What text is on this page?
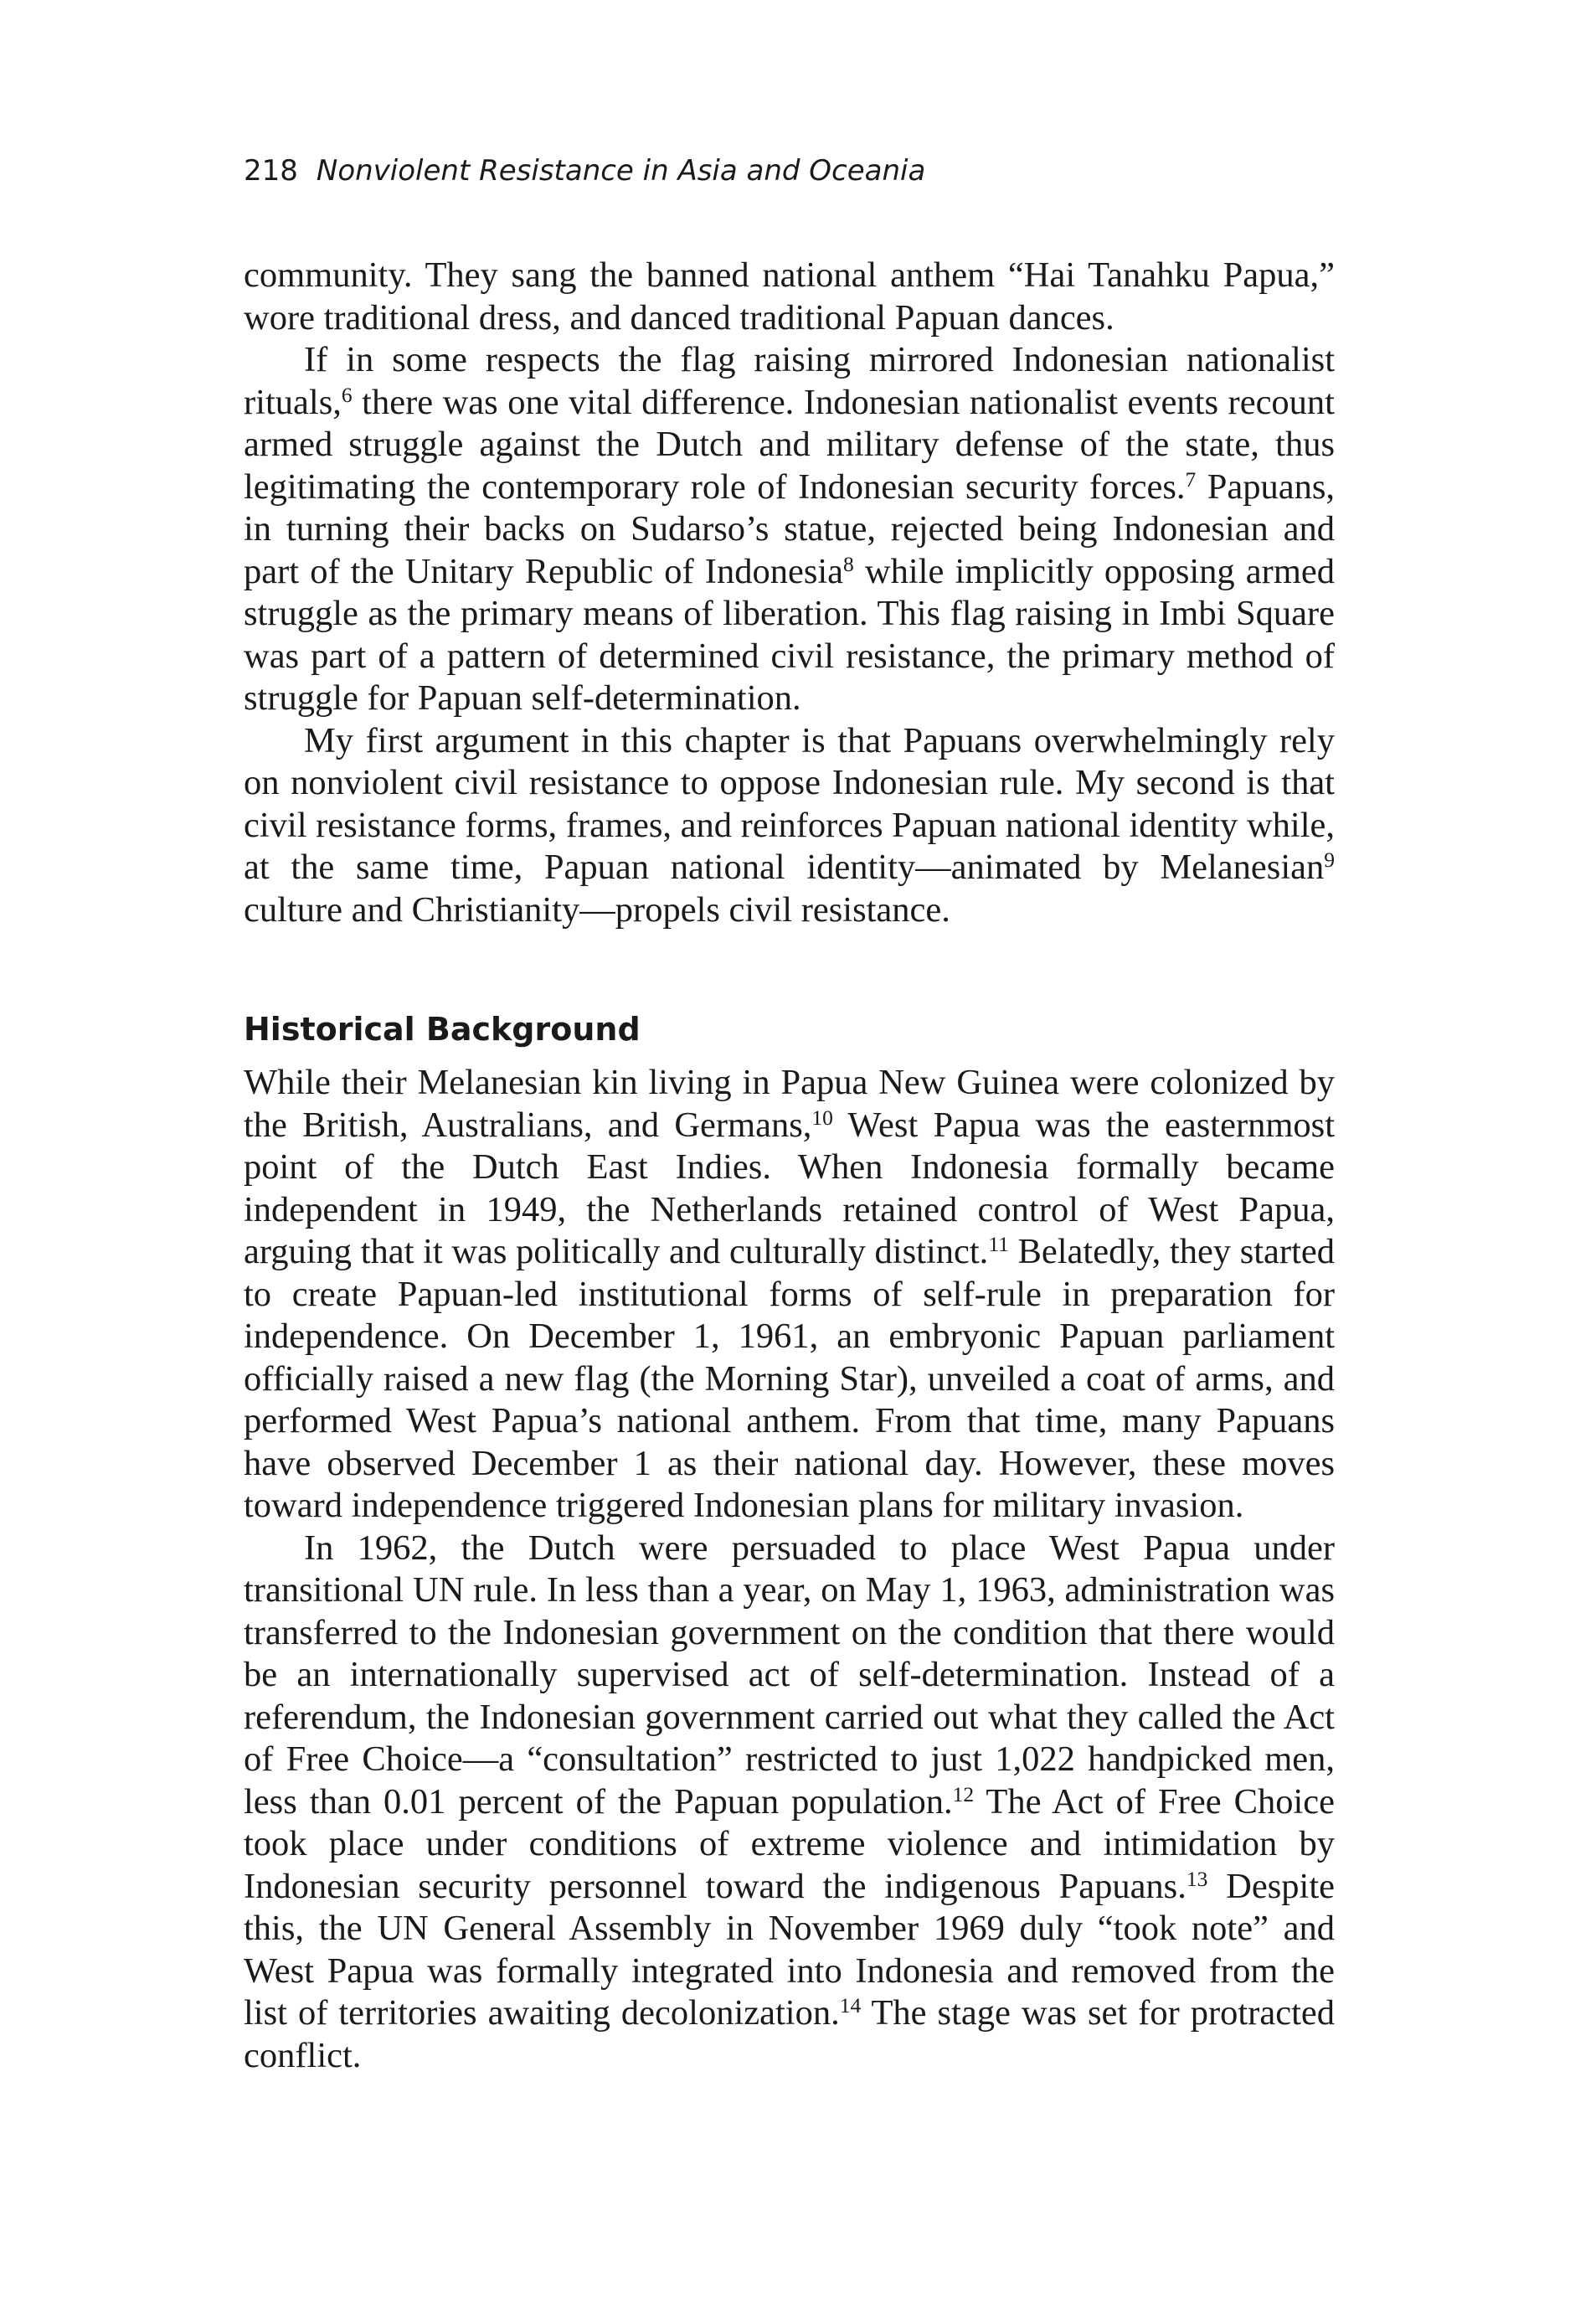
218 Nonviolent Resistance in Asia and Oceania

community. They sang the banned national anthem “Hai Tanahku Papua,” wore traditional dress, and danced traditional Papuan dances.

If in some respects the flag raising mirrored Indonesian nationalist rituals,$^6$ there was one vital difference. Indonesian nationalist events recount armed struggle against the Dutch and military defense of the state, thus legitimating the contemporary role of Indonesian security forces.$^7$ Papuans, in turning their backs on Sudarso’s statue, rejected being Indonesian and part of the Unitary Republic of Indonesia$^8$ while implicitly opposing armed struggle as the primary means of liberation. This flag raising in Imbi Square was part of a pattern of determined civil resistance, the primary method of struggle for Papuan self-determination.

My first argument in this chapter is that Papuans overwhelmingly rely on nonviolent civil resistance to oppose Indonesian rule. My second is that civil resistance forms, frames, and reinforces Papuan national identity while, at the same time, Papuan national identity—animated by Melanesian$^9$ culture and Christianity—propels civil resistance.

Historical Background

While their Melanesian kin living in Papua New Guinea were colonized by the British, Australians, and Germans,$^{10}$ West Papua was the easternmost point of the Dutch East Indies. When Indonesia formally became independent in 1949, the Netherlands retained control of West Papua, arguing that it was politically and culturally distinct.$^{11}$ Belatedly, they started to create Papuan-led institutional forms of self-rule in preparation for independence. On December 1, 1961, an embryonic Papuan parliament officially raised a new flag (the Morning Star), unveiled a coat of arms, and performed West Papua’s national anthem. From that time, many Papuans have observed December 1 as their national day. However, these moves toward independence triggered Indonesian plans for military invasion.

In 1962, the Dutch were persuaded to place West Papua under transitional UN rule. In less than a year, on May 1, 1963, administration was transferred to the Indonesian government on the condition that there would be an internationally supervised act of self-determination. Instead of a referendum, the Indonesian government carried out what they called the Act of Free Choice—a “consultation” restricted to just 1,022 handpicked men, less than 0.01 percent of the Papuan population.$^{12}$ The Act of Free Choice took place under conditions of extreme violence and intimidation by Indonesian security personnel toward the indigenous Papuans.$^{13}$ Despite this, the UN General Assembly in November 1969 duly “took note” and West Papua was formally integrated into Indonesia and removed from the list of territories awaiting decolonization.$^{14}$ The stage was set for protracted conflict.
